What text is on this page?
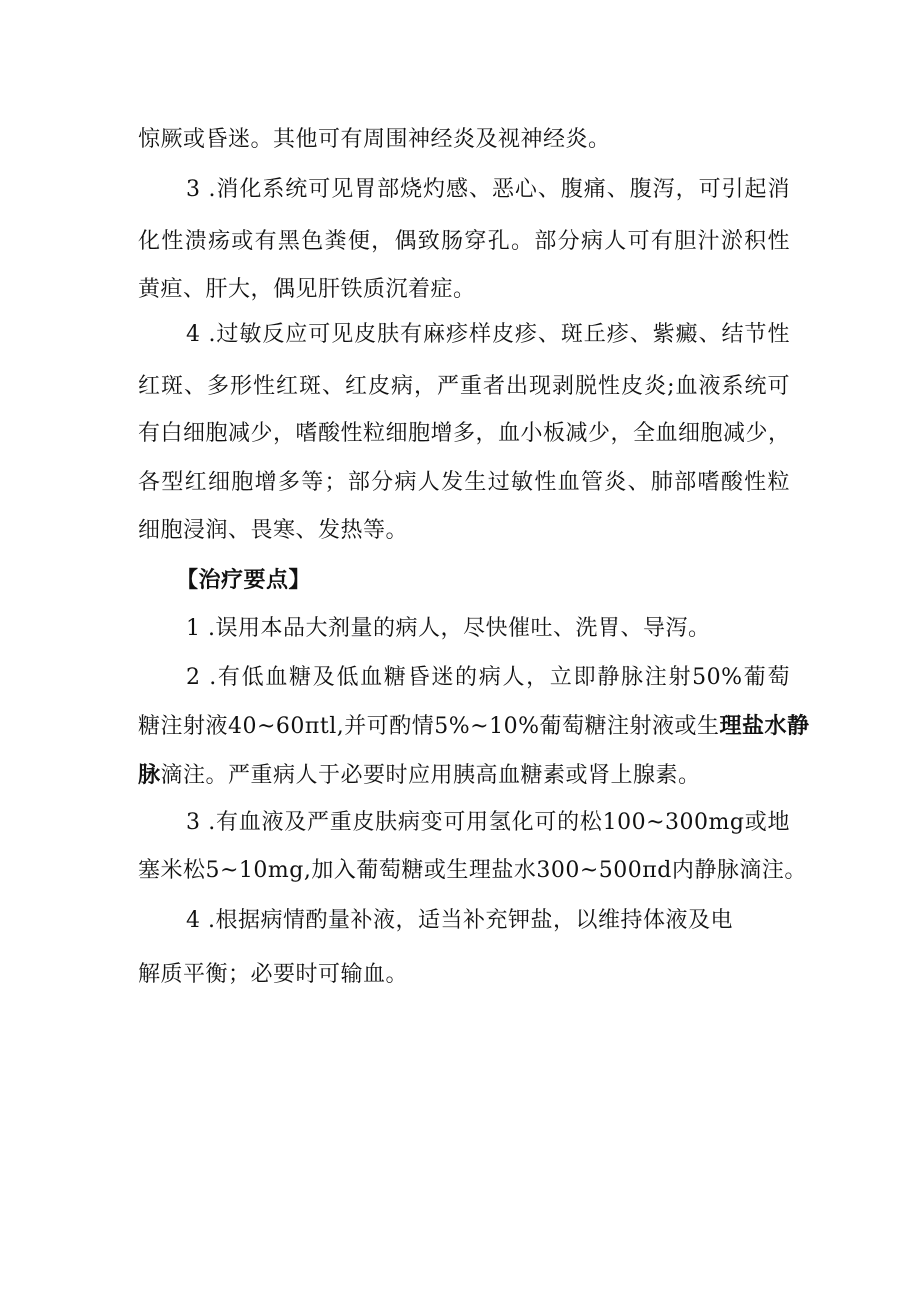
惊厥或昏迷。其他可有周围神经炎及视神经炎。
3 .消化系统可见胃部烧灼感、恶心、腹痛、腹泻，可引起消
化性溃疡或有黑色粪便，偶致肠穿孔。部分病人可有胆汁淤积性
黄疸、肝大，偶见肝铁质沉着症。
4 .过敏反应可见皮肤有麻疹样皮疹、斑丘疹、紫癜、结节性
红斑、多形性红斑、红皮病，严重者出现剥脱性皮炎;血液系统可
有白细胞减少，嗜酸性粒细胞增多，血小板减少，全血细胞减少，
各型红细胞增多等；部分病人发生过敏性血管炎、肺部嗜酸性粒
细胞浸润、畏寒、发热等。
【治疗要点】
1 .误用本品大剂量的病人，尽快催吐、洗胃、导泻。
2 .有低血糖及低血糖昏迷的病人，立即静脉注射50%葡萄
糖注射液40~60πtl,并可酌情5%~10%葡萄糖注射液或生理盐水静
脉滴注。严重病人于必要时应用胰高血糖素或肾上腺素。
3 .有血液及严重皮肤病变可用氢化可的松100~300mg或地
塞米松5~10mg,加入葡萄糖或生理盐水300~500πd内静脉滴注。
4 .根据病情酌量补液，适当补充钾盐，以维持体液及电
解质平衡；必要时可输血。
